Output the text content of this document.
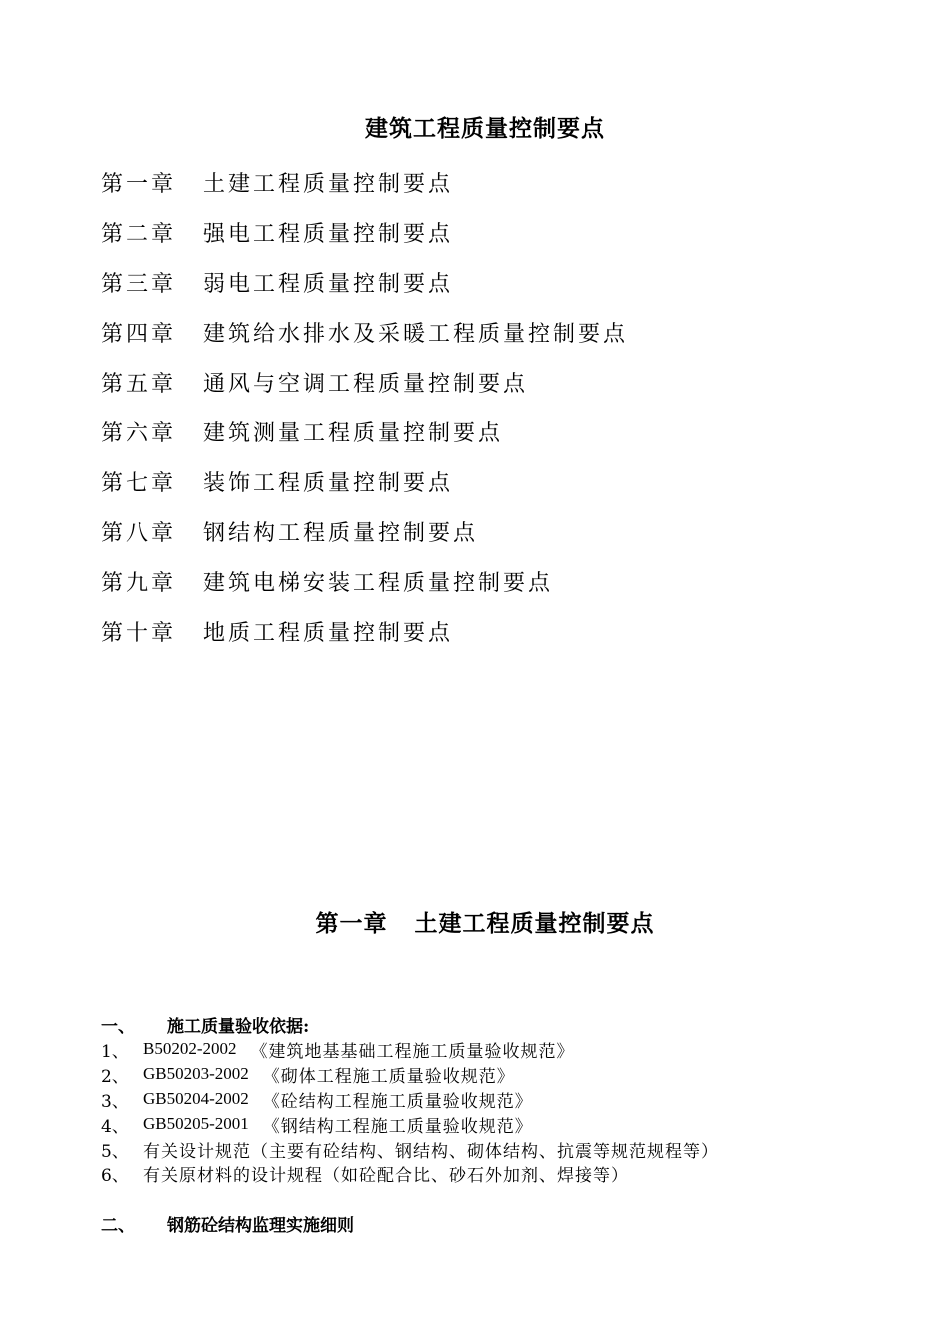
建筑工程质量控制要点
第一章	土建工程质量控制要点
第二章	强电工程质量控制要点
第三章	弱电工程质量控制要点
第四章	建筑给水排水及采暖工程质量控制要点
第五章	通风与空调工程质量控制要点
第六章	建筑测量工程质量控制要点
第七章	装饰工程质量控制要点
第八章	钢结构工程质量控制要点
第九章	建筑电梯安装工程质量控制要点
第十章	地质工程质量控制要点
第一章   土建工程质量控制要点
一、	施工质量验收依据:
1、 B50202-2002 《建筑地基基础工程施工质量验收规范》
2、 GB50203-2002 《砌体工程施工质量验收规范》
3、 GB50204-2002 《砼结构工程施工质量验收规范》
4、 GB50205-2001 《钢结构工程施工质量验收规范》
5、 有关设计规范（主要有砼结构、钢结构、砌体结构、抗震等规范规程等）
6、 有关原材料的设计规程（如砼配合比、砂石外加剂、焊接等）
二、	钢筋砼结构监理实施细则
